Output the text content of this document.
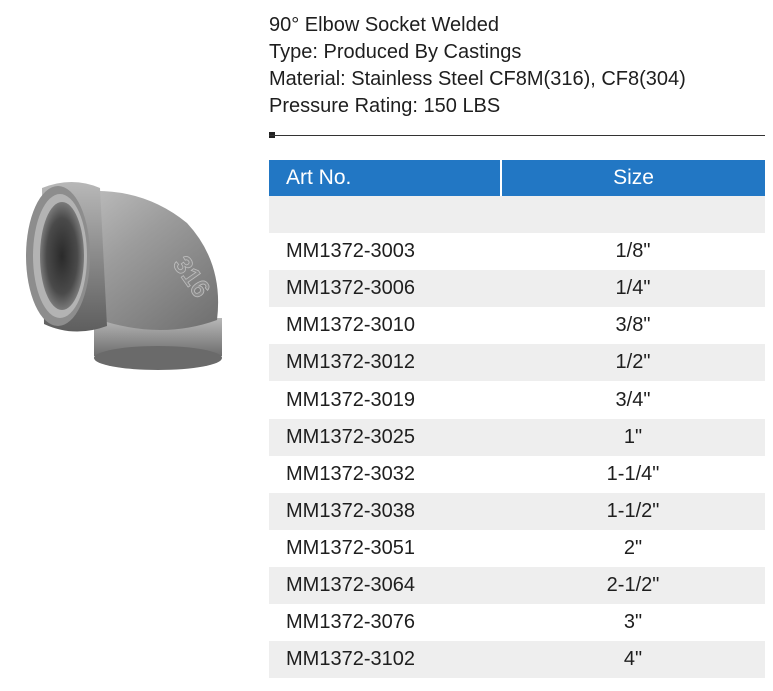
90° Elbow Socket Welded
Type: Produced By Castings
Material: Stainless Steel CF8M(316), CF8(304)
Pressure Rating: 150 LBS
316
Art No.	Size

MM1372-3003	1/8"
MM1372-3006	1/4"
MM1372-3010	3/8"
MM1372-3012	1/2"
MM1372-3019	3/4"
MM1372-3025	1"
MM1372-3032	1-1/4"
MM1372-3038	1-1/2"
MM1372-3051	2"
MM1372-3064	2-1/2"
MM1372-3076	3"
MM1372-3102	4"
